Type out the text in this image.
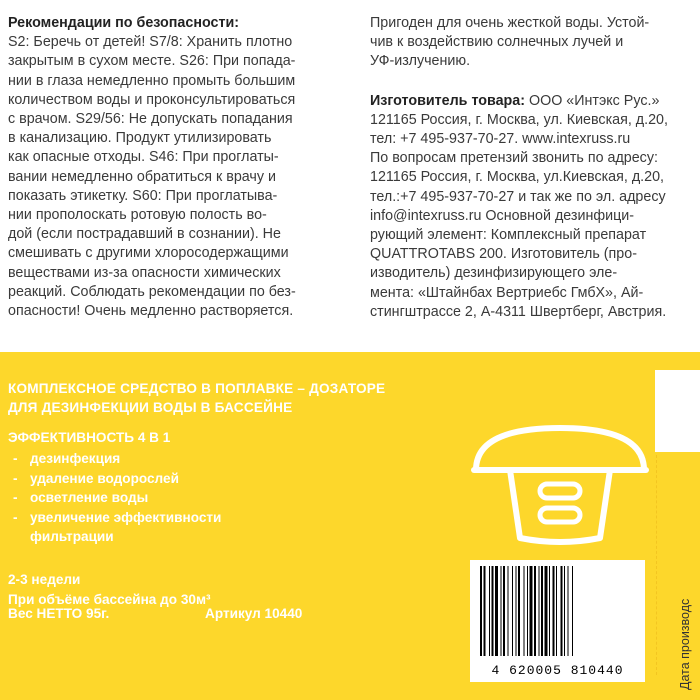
Рекомендации по безопасности:
S2: Беречь от детей! S7/8: Хранить плотно
закрытым в сухом месте. S26: При попада-
нии в глаза немедленно промыть большим
количеством воды и проконсультироваться
с врачом. S29/56: Не допускать попадания
в канализацию. Продукт утилизировать
как опасные отходы. S46: При проглаты-
вании немедленно обратиться к врачу и
показать этикетку. S60: При проглатыва-
нии прополоскать ротовую полость во-
дой (если пострадавший в сознании). Не
смешивать с другими хлоросодержащими
веществами из-за опасности химических
реакций. Соблюдать рекомендации по без-
опасности! Очень медленно растворяется.
Пригоден для очень жесткой воды. Устой-
чив к воздействию солнечных лучей и
УФ-излучению.
Изготовитель товара: ООО «Интэкс Рус.»
121165 Россия, г. Москва, ул. Киевская, д.20,
тел: +7 495-937-70-27. www.intexruss.ru
По вопросам претензий звонить по адресу:
121165 Россия, г. Москва, ул.Киевская, д.20,
тел.:+7 495-937-70-27 и так же по эл. адресу
info@intexruss.ru Основной дезинфици-
рующий элемент: Комплексный препарат
QUATTROTABS 200. Изготовитель (про-
изводитель) дезинфизирующего эле-
мента: «Штайнбах Вертриебс ГмбХ», Ай-
стингштрассе 2, А-4311 Швертберг, Австрия.
КОМПЛЕКСНОЕ СРЕДСТВО В ПОПЛАВКЕ – ДОЗАТОРЕ
ДЛЯ ДЕЗИНФЕКЦИИ ВОДЫ В БАССЕЙНЕ
ЭФФЕКТИВНОСТЬ 4 В 1
- дезинфекция
- удаление водорослей
- осветление воды
- увеличение эффективности фильтрации
2-3 недели
При объёме бассейна до 30м³
Вес НЕТТО 95г.	Артикул 10440
4 620005 810440	Дата производс
